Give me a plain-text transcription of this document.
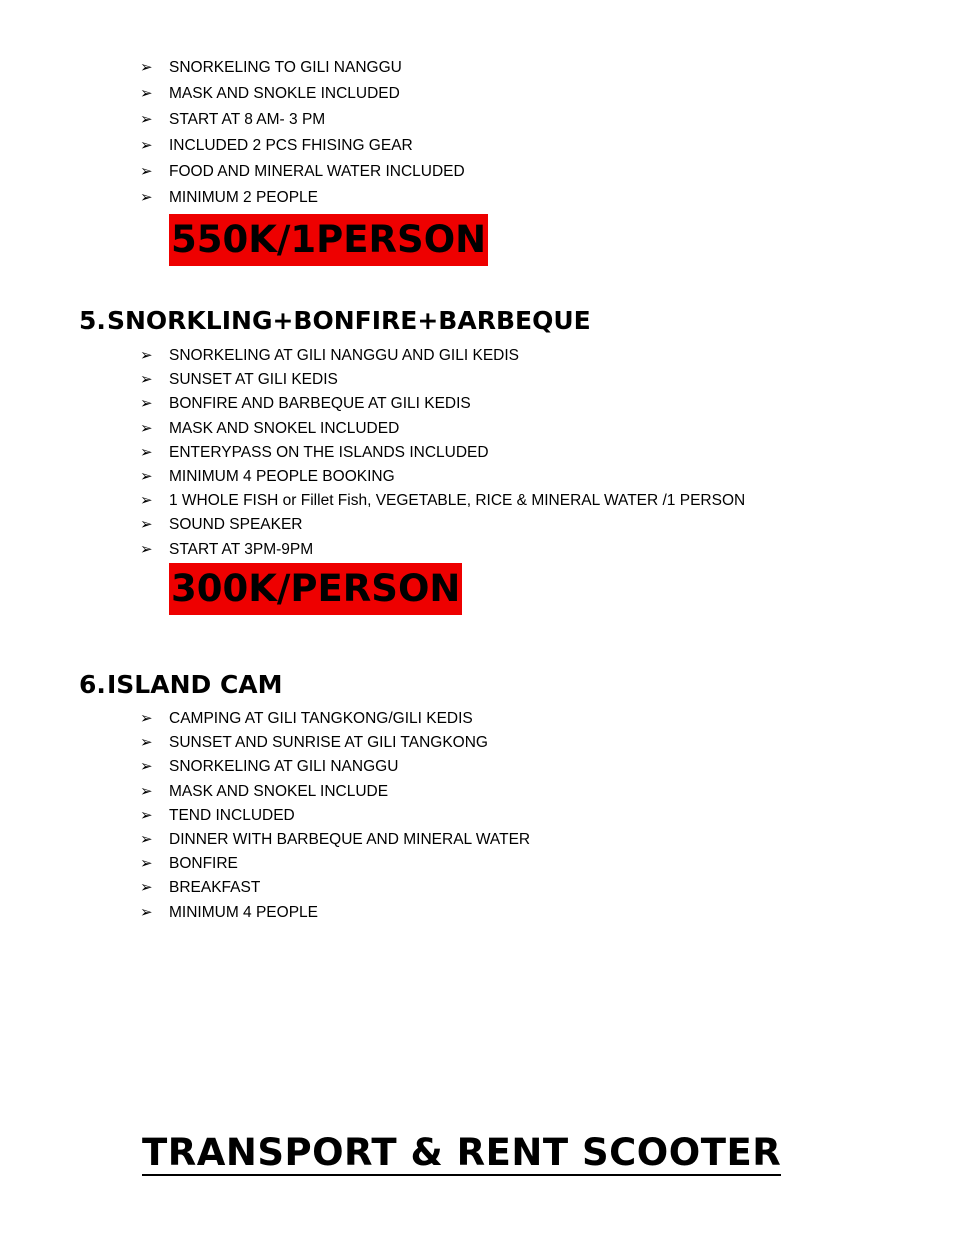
➢	SNORKELING TO GILI NANGGU
➢	MASK AND SNOKLE INCLUDED
➢	START AT 8 AM- 3 PM
➢	INCLUDED 2 PCS FHISING GEAR
➢	FOOD AND MINERAL WATER INCLUDED
➢	MINIMUM 2 PEOPLE
550K/1PERSON
5.SNORKLING+BONFIRE+BARBEQUE
➢	SNORKELING AT GILI NANGGU AND GILI KEDIS
➢	SUNSET AT GILI KEDIS
➢	BONFIRE AND BARBEQUE AT GILI KEDIS
➢	MASK AND SNOKEL INCLUDED
➢	ENTERYPASS ON THE ISLANDS INCLUDED
➢	MINIMUM 4 PEOPLE BOOKING
➢	1 WHOLE FISH or Fillet Fish, VEGETABLE, RICE & MINERAL WATER /1 PERSON
➢	SOUND SPEAKER
➢	START AT 3PM-9PM
300K/PERSON
6.ISLAND CAM
➢	CAMPING AT GILI TANGKONG/GILI KEDIS
➢	SUNSET AND SUNRISE AT GILI TANGKONG
➢	SNORKELING AT GILI NANGGU
➢	MASK AND SNOKEL INCLUDE
➢	TEND INCLUDED
➢	DINNER WITH BARBEQUE AND MINERAL WATER
➢	BONFIRE
➢	BREAKFAST
➢	MINIMUM 4 PEOPLE
TRANSPORT & RENT SCOOTER
